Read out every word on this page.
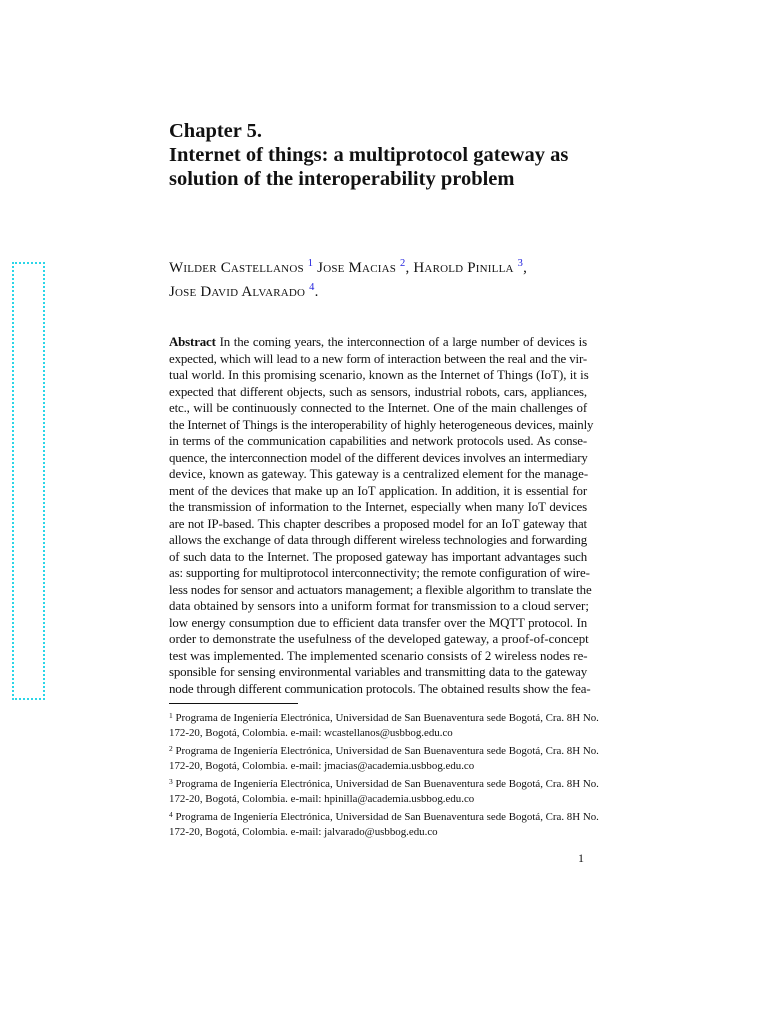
Chapter 5.
Internet of things: a multiprotocol gateway as
solution of the interoperability problem
Wilder Castellanos $^1$ Jose Macias $^2$, Harold Pinilla $^3$,
Jose David Alvarado $^4$.
Abstract In the coming years, the interconnection of a large number of devices is
expected, which will lead to a new form of interaction between the real and the vir-
tual world. In this promising scenario, known as the Internet of Things (IoT), it is
expected that different objects, such as sensors, industrial robots, cars, appliances,
etc., will be continuously connected to the Internet. One of the main challenges of
the Internet of Things is the interoperability of highly heterogeneous devices, mainly
in terms of the communication capabilities and network protocols used. As conse-
quence, the interconnection model of the different devices involves an intermediary
device, known as gateway. This gateway is a centralized element for the manage-
ment of the devices that make up an IoT application. In addition, it is essential for
the transmission of information to the Internet, especially when many IoT devices
are not IP-based. This chapter describes a proposed model for an IoT gateway that
allows the exchange of data through different wireless technologies and forwarding
of such data to the Internet. The proposed gateway has important advantages such
as: supporting for multiprotocol interconnectivity; the remote configuration of wire-
less nodes for sensor and actuators management; a flexible algorithm to translate the
data obtained by sensors into a uniform format for transmission to a cloud server;
low energy consumption due to efficient data transfer over the MQTT protocol. In
order to demonstrate the usefulness of the developed gateway, a proof-of-concept
test was implemented. The implemented scenario consists of 2 wireless nodes re-
sponsible for sensing environmental variables and transmitting data to the gateway
node through different communication protocols. The obtained results show the fea-
$^1$ Programa de Ingeniería Electrónica, Universidad de San Buenaventura sede Bogotá, Cra. 8H No.
172-20, Bogotá, Colombia. e-mail: wcastellanos@usbbog.edu.co
$^2$ Programa de Ingeniería Electrónica, Universidad de San Buenaventura sede Bogotá, Cra. 8H No.
172-20, Bogotá, Colombia. e-mail: jmacias@academia.usbbog.edu.co
$^3$ Programa de Ingeniería Electrónica, Universidad de San Buenaventura sede Bogotá, Cra. 8H No.
172-20, Bogotá, Colombia. e-mail: hpinilla@academia.usbbog.edu.co
$^4$ Programa de Ingeniería Electrónica, Universidad de San Buenaventura sede Bogotá, Cra. 8H No.
172-20, Bogotá, Colombia. e-mail: jalvarado@usbbog.edu.co
1
